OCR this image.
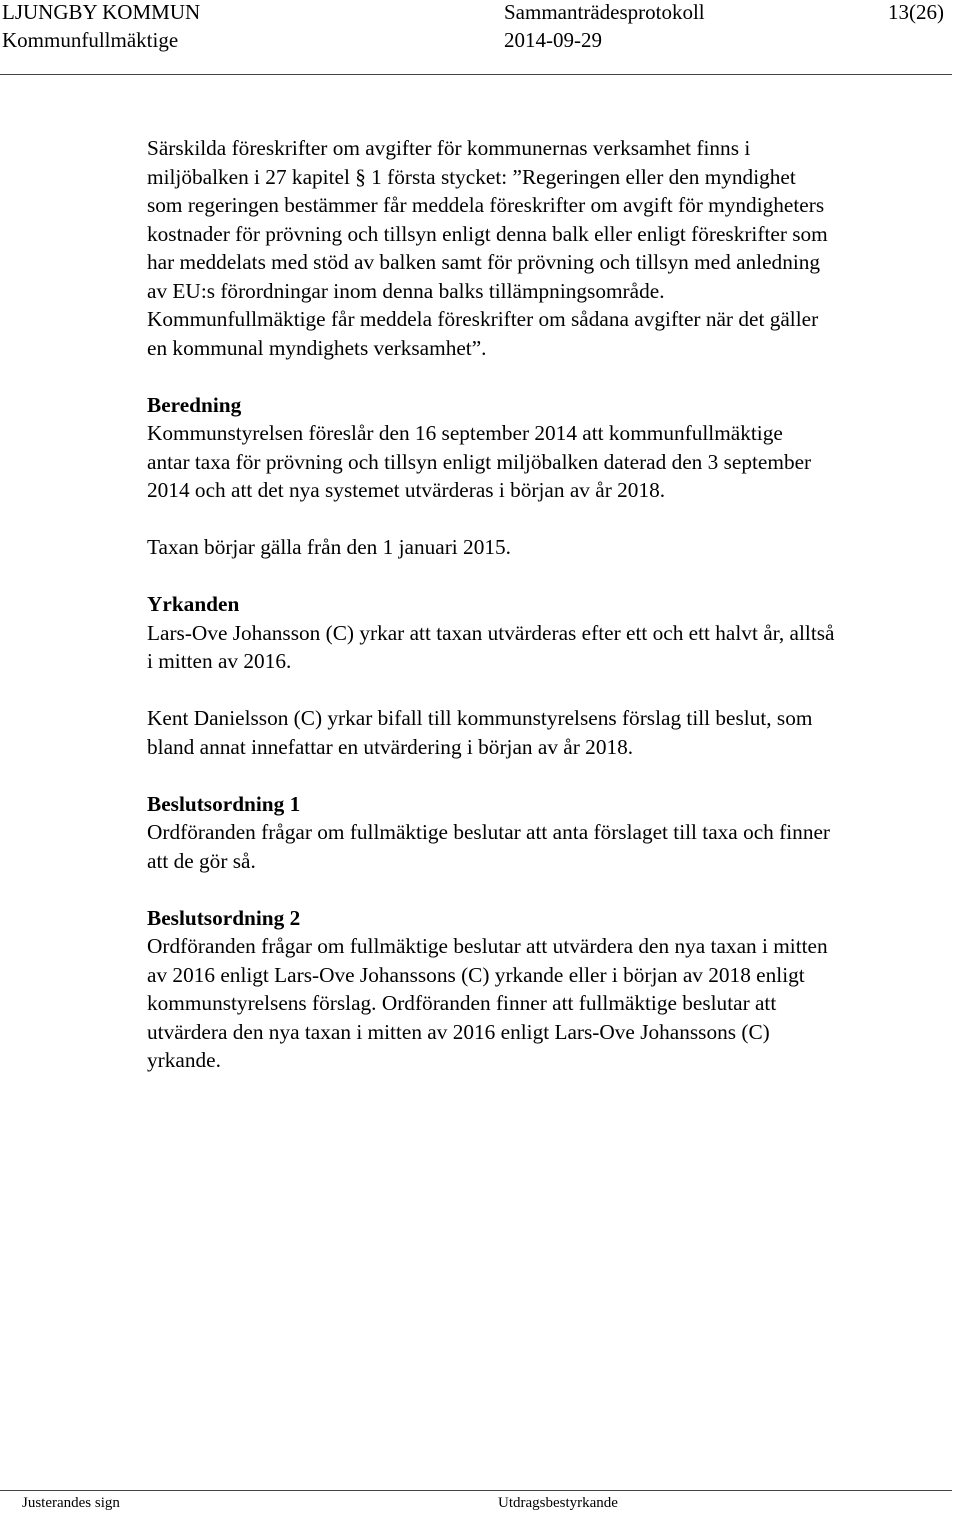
LJUNGBY KOMMUN
Kommunfullmäktige
Sammanträdesprotokoll
2014-09-29
13(26)

Särskilda föreskrifter om avgifter för kommunernas verksamhet finns i

miljöbalken i 27 kapitel § 1 första stycket: ”Regeringen eller den myndighet

som regeringen bestämmer får meddela föreskrifter om avgift för myndigheters

kostnader för prövning och tillsyn enligt denna balk eller enligt föreskrifter som

har meddelats med stöd av balken samt för prövning och tillsyn med anledning

av EU:s förordningar inom denna balks tillämpningsområde.

Kommunfullmäktige får meddela föreskrifter om sådana avgifter när det gäller

en kommunal myndighets verksamhet”.

Beredning

Kommunstyrelsen föreslår den 16 september 2014 att kommunfullmäktige

antar taxa för prövning och tillsyn enligt miljöbalken daterad den 3 september

2014 och att det nya systemet utvärderas i början av år 2018.

Taxan börjar gälla från den 1 januari 2015.

Yrkanden

Lars-Ove Johansson (C) yrkar att taxan utvärderas efter ett och ett halvt år, alltså

i mitten av 2016.

Kent Danielsson (C) yrkar bifall till kommunstyrelsens förslag till beslut, som

bland annat innefattar en utvärdering i början av år 2018.

Beslutsordning 1

Ordföranden frågar om fullmäktige beslutar att anta förslaget till taxa och finner

att de gör så.

Beslutsordning 2

Ordföranden frågar om fullmäktige beslutar att utvärdera den nya taxan i mitten

av 2016 enligt Lars-Ove Johanssons (C) yrkande eller i början av 2018 enligt

kommunstyrelsens förslag. Ordföranden finner att fullmäktige beslutar att

utvärdera den nya taxan i mitten av 2016 enligt Lars-Ove Johanssons (C)

yrkande.

Justerandes sign	Utdragsbestyrkande
